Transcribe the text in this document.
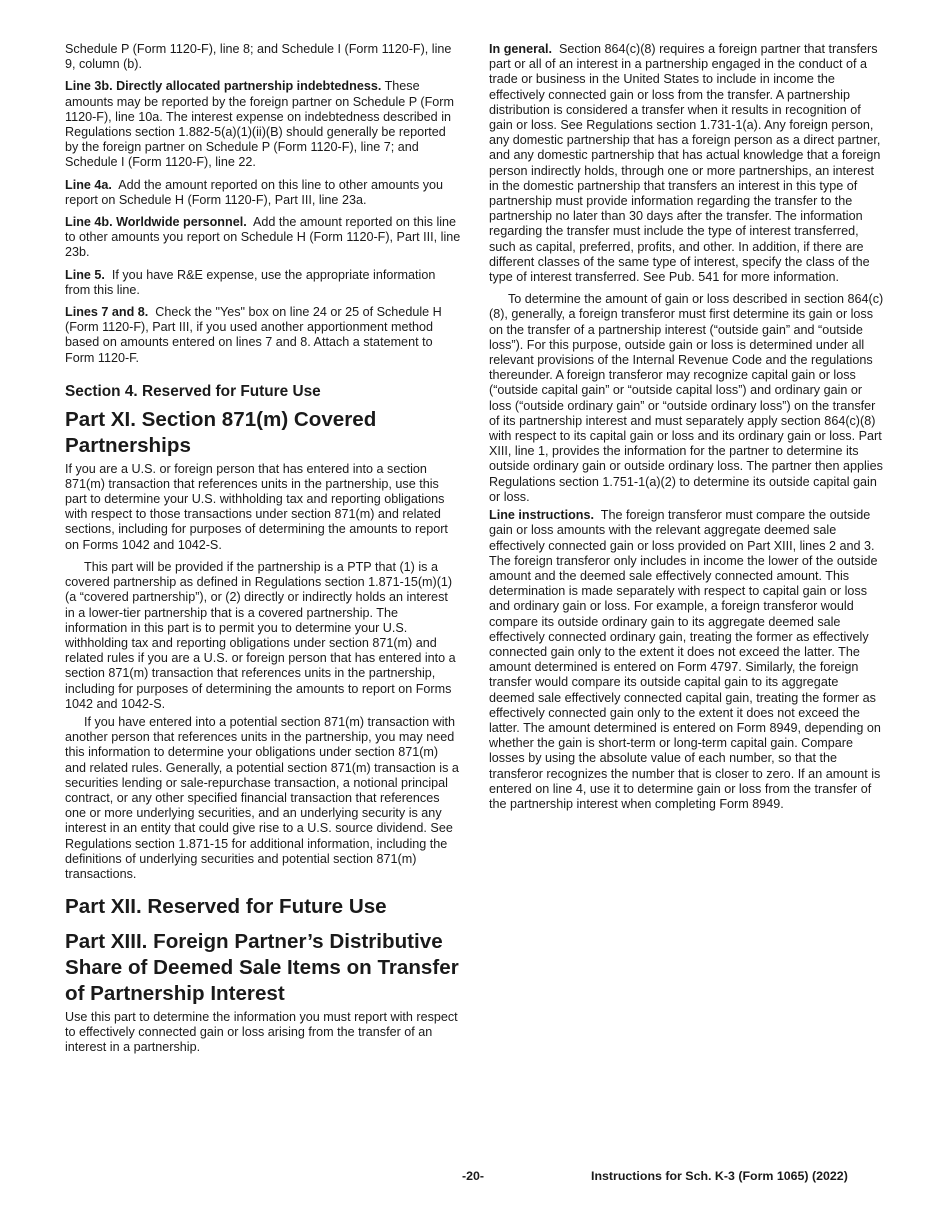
Schedule P (Form 1120-F), line 8; and Schedule I (Form 1120-F), line 9, column (b).

Line 3b. Directly allocated partnership indebtedness. These amounts may be reported by the foreign partner on Schedule P (Form 1120-F), line 10a. The interest expense on indebtedness described in Regulations section 1.882-5(a)(1)(ii)(B) should generally be reported by the foreign partner on Schedule P (Form 1120-F), line 7; and Schedule I (Form 1120-F), line 22.

Line 4a. Add the amount reported on this line to other amounts you report on Schedule H (Form 1120-F), Part III, line 23a.

Line 4b. Worldwide personnel. Add the amount reported on this line to other amounts you report on Schedule H (Form 1120-F), Part III, line 23b.

Line 5. If you have R&E expense, use the appropriate information from this line.

Lines 7 and 8. Check the "Yes" box on line 24 or 25 of Schedule H (Form 1120-F), Part III, if you used another apportionment method based on amounts entered on lines 7 and 8. Attach a statement to Form 1120-F.

Section 4. Reserved for Future Use
Part XI. Section 871(m) Covered Partnerships

If you are a U.S. or foreign person that has entered into a section 871(m) transaction that references units in the partnership, use this part to determine your U.S. withholding tax and reporting obligations with respect to those transactions under section 871(m) and related sections, including for purposes of determining the amounts to report on Forms 1042 and 1042-S.

This part will be provided if the partnership is a PTP that (1) is a covered partnership as defined in Regulations section 1.871-15(m)(1) (a “covered partnership”), or (2) directly or indirectly holds an interest in a lower-tier partnership that is a covered partnership. The information in this part is to permit you to determine your U.S. withholding tax and reporting obligations under section 871(m) and related rules if you are a U.S. or foreign person that has entered into a section 871(m) transaction that references units in the partnership, including for purposes of determining the amounts to report on Forms 1042 and 1042-S.

If you have entered into a potential section 871(m) transaction with another person that references units in the partnership, you may need this information to determine your obligations under section 871(m) and related rules. Generally, a potential section 871(m) transaction is a securities lending or sale-repurchase transaction, a notional principal contract, or any other specified financial transaction that references one or more underlying securities, and an underlying security is any interest in an entity that could give rise to a U.S. source dividend. See Regulations section 1.871-15 for additional information, including the definitions of underlying securities and potential section 871(m) transactions.

Part XII. Reserved for Future Use
Part XIII. Foreign Partner’s Distributive Share of Deemed Sale Items on Transfer of Partnership Interest

Use this part to determine the information you must report with respect to effectively connected gain or loss arising from the transfer of an interest in a partnership.

In general. Section 864(c)(8) requires a foreign partner that transfers part or all of an interest in a partnership engaged in the conduct of a trade or business in the United States to include in income the effectively connected gain or loss from the transfer. A partnership distribution is considered a transfer when it results in recognition of gain or loss. See Regulations section 1.731-1(a). Any foreign person, any domestic partnership that has a foreign person as a direct partner, and any domestic partnership that has actual knowledge that a foreign person indirectly holds, through one or more partnerships, an interest in the domestic partnership that transfers an interest in this type of partnership must provide information regarding the transfer to the partnership no later than 30 days after the transfer. The information regarding the transfer must include the type of interest transferred, such as capital, preferred, profits, and other. In addition, if there are different classes of the same type of interest, specify the class of the type of interest transferred. See Pub. 541 for more information.

To determine the amount of gain or loss described in section 864(c)(8), generally, a foreign transferor must first determine its gain or loss on the transfer of a partnership interest (“outside gain” and “outside loss”). For this purpose, outside gain or loss is determined under all relevant provisions of the Internal Revenue Code and the regulations thereunder. A foreign transferor may recognize capital gain or loss (“outside capital gain” or “outside capital loss”) and ordinary gain or loss (“outside ordinary gain” or “outside ordinary loss”) on the transfer of its partnership interest and must separately apply section 864(c)(8) with respect to its capital gain or loss and its ordinary gain or loss. Part XIII, line 1, provides the information for the partner to determine its outside ordinary gain or outside ordinary loss. The partner then applies Regulations section 1.751-1(a)(2) to determine its outside capital gain or loss.

Line instructions. The foreign transferor must compare the outside gain or loss amounts with the relevant aggregate deemed sale effectively connected gain or loss provided on Part XIII, lines 2 and 3. The foreign transferor only includes in income the lower of the outside amount and the deemed sale effectively connected amount. This determination is made separately with respect to capital gain or loss and ordinary gain or loss. For example, a foreign transferor would compare its outside ordinary gain to its aggregate deemed sale effectively connected ordinary gain, treating the former as effectively connected gain only to the extent it does not exceed the latter. The amount determined is entered on Form 4797. Similarly, the foreign transfer would compare its outside capital gain to its aggregate deemed sale effectively connected capital gain, treating the former as effectively connected gain only to the extent it does not exceed the latter. The amount determined is entered on Form 8949, depending on whether the gain is short-term or long-term capital gain. Compare losses by using the absolute value of each number, so that the transferor recognizes the number that is closer to zero. If an amount is entered on line 4, use it to determine gain or loss from the transfer of the partnership interest when completing Form 8949.

-20-	Instructions for Sch. K-3 (Form 1065) (2022)
